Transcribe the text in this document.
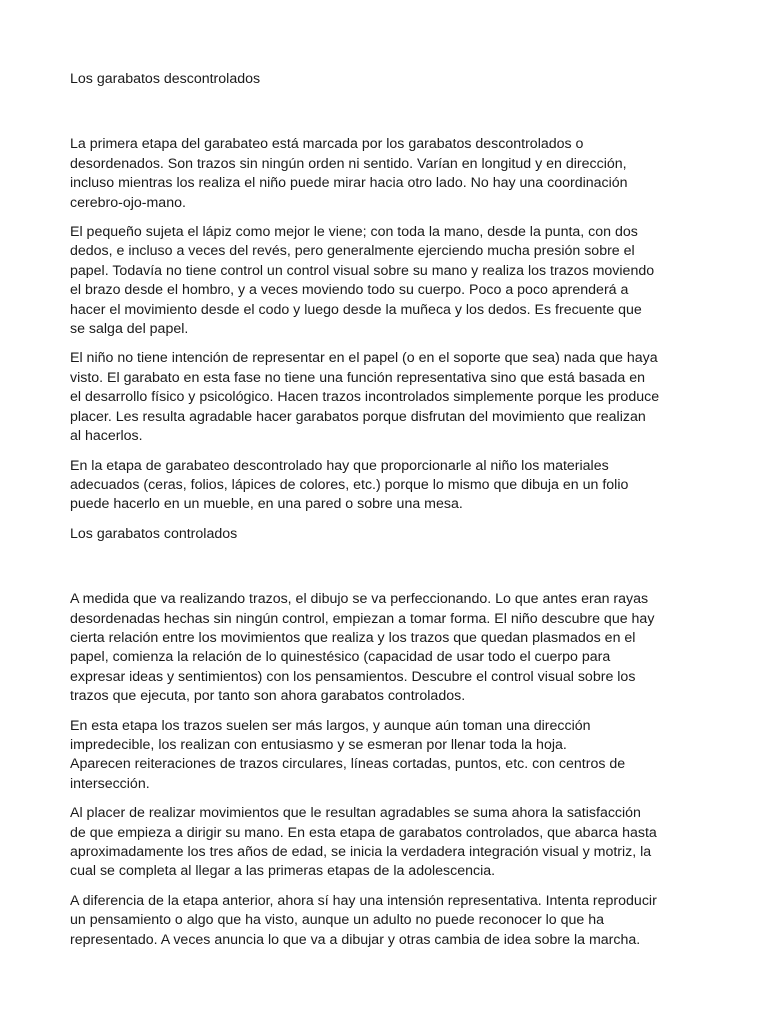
Los garabatos descontrolados

La primera etapa del garabateo está marcada por los garabatos descontrolados o
desordenados. Son trazos sin ningún orden ni sentido. Varían en longitud y en dirección,
incluso mientras los realiza el niño puede mirar hacia otro lado. No hay una coordinación
cerebro-ojo-mano.

El pequeño sujeta el lápiz como mejor le viene; con toda la mano, desde la punta, con dos
dedos, e incluso a veces del revés, pero generalmente ejerciendo mucha presión sobre el
papel. Todavía no tiene control un control visual sobre su mano y realiza los trazos moviendo
el brazo desde el hombro, y a veces moviendo todo su cuerpo. Poco a poco aprenderá a
hacer el movimiento desde el codo y luego desde la muñeca y los dedos. Es frecuente que
se salga del papel.

El niño no tiene intención de representar en el papel (o en el soporte que sea) nada que haya
visto. El garabato en esta fase no tiene una función representativa sino que está basada en
el desarrollo físico y psicológico. Hacen trazos incontrolados simplemente porque les produce
placer. Les resulta agradable hacer garabatos porque disfrutan del movimiento que realizan
al hacerlos.

En la etapa de garabateo descontrolado hay que proporcionarle al niño los materiales
adecuados (ceras, folios, lápices de colores, etc.) porque lo mismo que dibuja en un folio
puede hacerlo en un mueble, en una pared o sobre una mesa.

Los garabatos controlados

A medida que va realizando trazos, el dibujo se va perfeccionando. Lo que antes eran rayas
desordenadas hechas sin ningún control, empiezan a tomar forma. El niño descubre que hay
cierta relación entre los movimientos que realiza y los trazos que quedan plasmados en el
papel, comienza la relación de lo quinestésico (capacidad de usar todo el cuerpo para
expresar ideas y sentimientos) con los pensamientos. Descubre el control visual sobre los
trazos que ejecuta, por tanto son ahora garabatos controlados.

En esta etapa los trazos suelen ser más largos, y aunque aún toman una dirección
impredecible, los realizan con entusiasmo y se esmeran por llenar toda la hoja.
Aparecen reiteraciones de trazos circulares, líneas cortadas, puntos, etc. con centros de
intersección.

Al placer de realizar movimientos que le resultan agradables se suma ahora la satisfacción
de que empieza a dirigir su mano. En esta etapa de garabatos controlados, que abarca hasta
aproximadamente los tres años de edad, se inicia la verdadera integración visual y motriz, la
cual se completa al llegar a las primeras etapas de la adolescencia.

A diferencia de la etapa anterior, ahora sí hay una intensión representativa. Intenta reproducir
un pensamiento o algo que ha visto, aunque un adulto no puede reconocer lo que ha
representado. A veces anuncia lo que va a dibujar y otras cambia de idea sobre la marcha.
